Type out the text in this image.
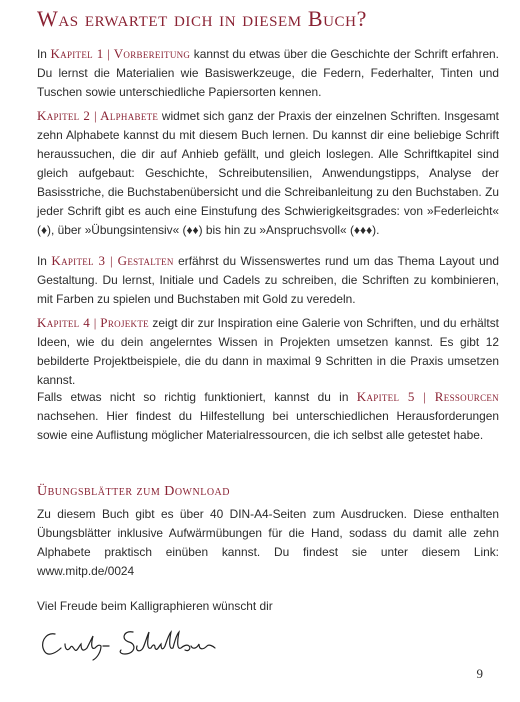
Was erwartet dich in diesem Buch?
In Kapitel 1 | Vorbereitung kannst du etwas über die Geschichte der Schrift erfahren. Du lernst die Materialien wie Basiswerkzeuge, die Federn, Federhalter, Tinten und Tuschen sowie unterschiedliche Papiersorten kennen.
Kapitel 2 | Alphabete widmet sich ganz der Praxis der einzelnen Schriften. Insgesamt zehn Alphabete kannst du mit diesem Buch lernen. Du kannst dir eine beliebige Schrift heraussuchen, die dir auf Anhieb gefällt, und gleich loslegen. Alle Schriftkapitel sind gleich aufgebaut: Geschichte, Schreibutensilien, Anwendungstipps, Analyse der Basisstriche, die Buchstabenübersicht und die Schreibanleitung zu den Buchstaben. Zu jeder Schrift gibt es auch eine Einstufung des Schwierigkeitsgrades: von »Federleicht« (♦), über »Übungsintensiv« (♦♦) bis hin zu »Anspruchsvoll« (♦♦♦).
In Kapitel 3 | Gestalten erfährst du Wissenswertes rund um das Thema Layout und Gestaltung. Du lernst, Initiale und Cadels zu schreiben, die Schriften zu kombinieren, mit Farben zu spielen und Buchstaben mit Gold zu veredeln.
Kapitel 4 | Projekte zeigt dir zur Inspiration eine Galerie von Schriften, und du erhältst Ideen, wie du dein angelerntes Wissen in Projekten umsetzen kannst. Es gibt 12 bebilderte Projektbeispiele, die du dann in maximal 9 Schritten in die Praxis umsetzen kannst.
Falls etwas nicht so richtig funktioniert, kannst du in Kapitel 5 | Ressourcen nachsehen. Hier findest du Hilfestellung bei unterschiedlichen Herausforderungen sowie eine Auflistung möglicher Materialressourcen, die ich selbst alle getestet habe.
Übungsblätter zum Download
Zu diesem Buch gibt es über 40 DIN-A4-Seiten zum Ausdrucken. Diese enthalten Übungsblätter inklusive Aufwärmübungen für die Hand, sodass du damit alle zehn Alphabete praktisch einüben kannst. Du findest sie unter diesem Link: www.mitp.de/0024
Viel Freude beim Kalligraphieren wünscht dir
9
